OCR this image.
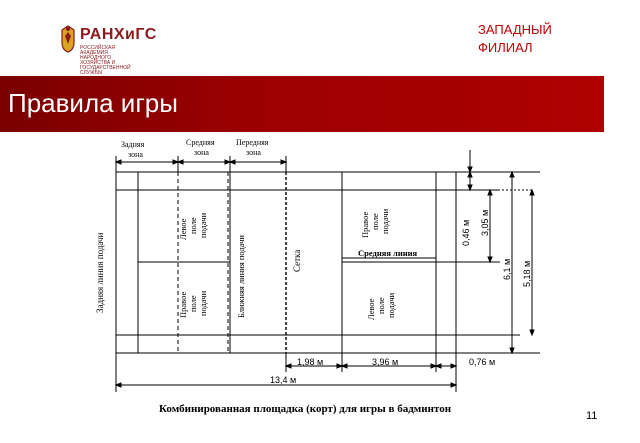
РАНХиГС
РОССИЙСКАЯ АКАДЕМИЯ НАРОДНОГО ХОЗЯЙСТВА И ГОСУДАРСТВЕННОЙ СЛУЖБЫ
ЗАПАДНЫЙ
ФИЛИАЛ
Правила игры
Задняя
зона
Средняя
зона
Передняя
зона
Задняя линия подачи
Левое поле подачи
Правое поле подачи	Ближняя линия подачи	Сетка
Правое поле подачи
Средняя линия
Левое поле подачи
0,46 м 3,05 м
6,1 м 5,18 м
1,98 м	3,96 м	0,76 м
13,4 м
Комбинированная площадка (корт) для игры в бадминтон
11
